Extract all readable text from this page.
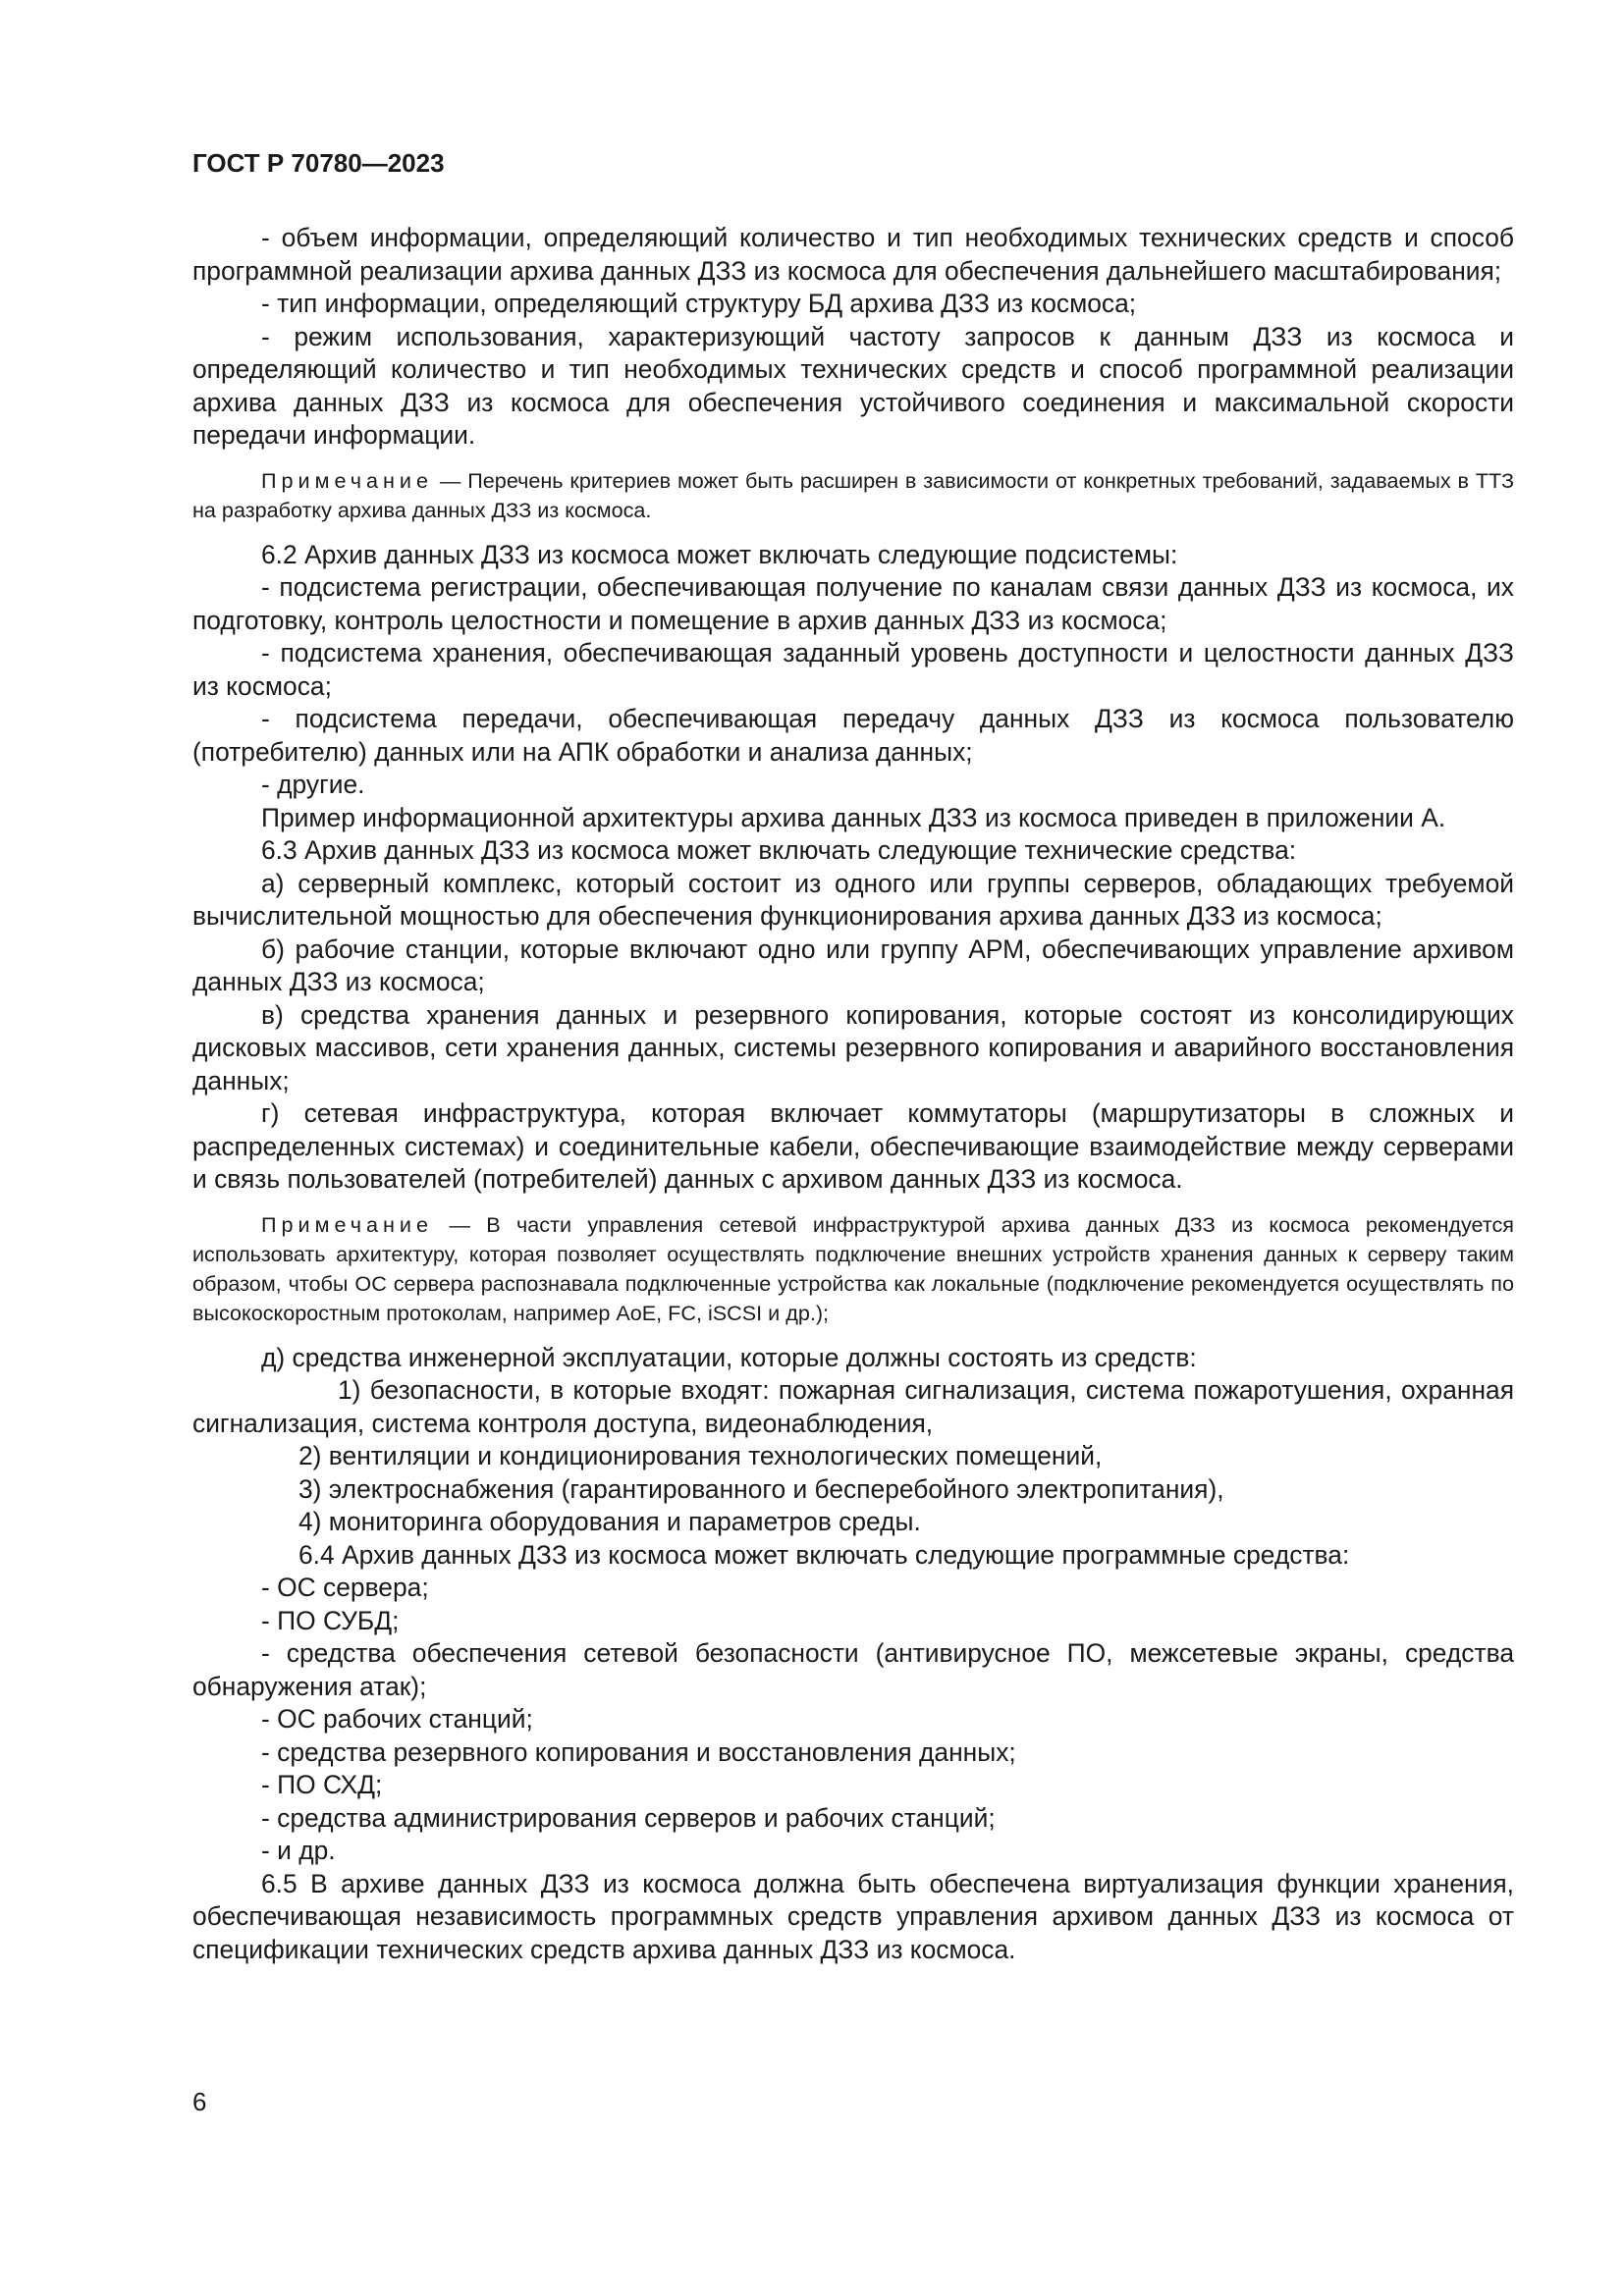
ГОСТ Р 70780—2023

- объем информации, определяющий количество и тип необходимых технических средств и способ программной реализации архива данных ДЗЗ из космоса для обеспечения дальнейшего масштабирования;

- тип информации, определяющий структуру БД архива ДЗЗ из космоса;

- режим использования, характеризующий частоту запросов к данным ДЗЗ из космоса и определяющий количество и тип необходимых технических средств и способ программной реализации архива данных ДЗЗ из космоса для обеспечения устойчивого соединения и максимальной скорости передачи информации.

Примечание — Перечень критериев может быть расширен в зависимости от конкретных требований, задаваемых в ТТЗ на разработку архива данных ДЗЗ из космоса.

6.2 Архив данных ДЗЗ из космоса может включать следующие подсистемы:

- подсистема регистрации, обеспечивающая получение по каналам связи данных ДЗЗ из космоса, их подготовку, контроль целостности и помещение в архив данных ДЗЗ из космоса;

- подсистема хранения, обеспечивающая заданный уровень доступности и целостности данных ДЗЗ из космоса;

- подсистема передачи, обеспечивающая передачу данных ДЗЗ из космоса пользователю (потребителю) данных или на АПК обработки и анализа данных;

- другие.

Пример информационной архитектуры архива данных ДЗЗ из космоса приведен в приложении А.

6.3 Архив данных ДЗЗ из космоса может включать следующие технические средства:

а) серверный комплекс, который состоит из одного или группы серверов, обладающих требуемой вычислительной мощностью для обеспечения функционирования архива данных ДЗЗ из космоса;

б) рабочие станции, которые включают одно или группу АРМ, обеспечивающих управление архивом данных ДЗЗ из космоса;

в) средства хранения данных и резервного копирования, которые состоят из консолидирующих дисковых массивов, сети хранения данных, системы резервного копирования и аварийного восстановления данных;

г) сетевая инфраструктура, которая включает коммутаторы (маршрутизаторы в сложных и распределенных системах) и соединительные кабели, обеспечивающие взаимодействие между серверами и связь пользователей (потребителей) данных с архивом данных ДЗЗ из космоса.

Примечание — В части управления сетевой инфраструктурой архива данных ДЗЗ из космоса рекомендуется использовать архитектуру, которая позволяет осуществлять подключение внешних устройств хранения данных к серверу таким образом, чтобы ОС сервера распознавала подключенные устройства как локальные (подключение рекомендуется осуществлять по высокоскоростным протоколам, например AoE, FC, iSCSI и др.);

д) средства инженерной эксплуатации, которые должны состоять из средств:

1) безопасности, в которые входят: пожарная сигнализация, система пожаротушения, охранная сигнализация, система контроля доступа, видеонаблюдения,

2) вентиляции и кондиционирования технологических помещений,

3) электроснабжения (гарантированного и бесперебойного электропитания),

4) мониторинга оборудования и параметров среды.

6.4 Архив данных ДЗЗ из космоса может включать следующие программные средства:

- ОС сервера;

- ПО СУБД;

- средства обеспечения сетевой безопасности (антивирусное ПО, межсетевые экраны, средства обнаружения атак);

- ОС рабочих станций;

- средства резервного копирования и восстановления данных;

- ПО СХД;

- средства администрирования серверов и рабочих станций;

- и др.

6.5 В архиве данных ДЗЗ из космоса должна быть обеспечена виртуализация функции хранения, обеспечивающая независимость программных средств управления архивом данных ДЗЗ из космоса от спецификации технических средств архива данных ДЗЗ из космоса.

6
